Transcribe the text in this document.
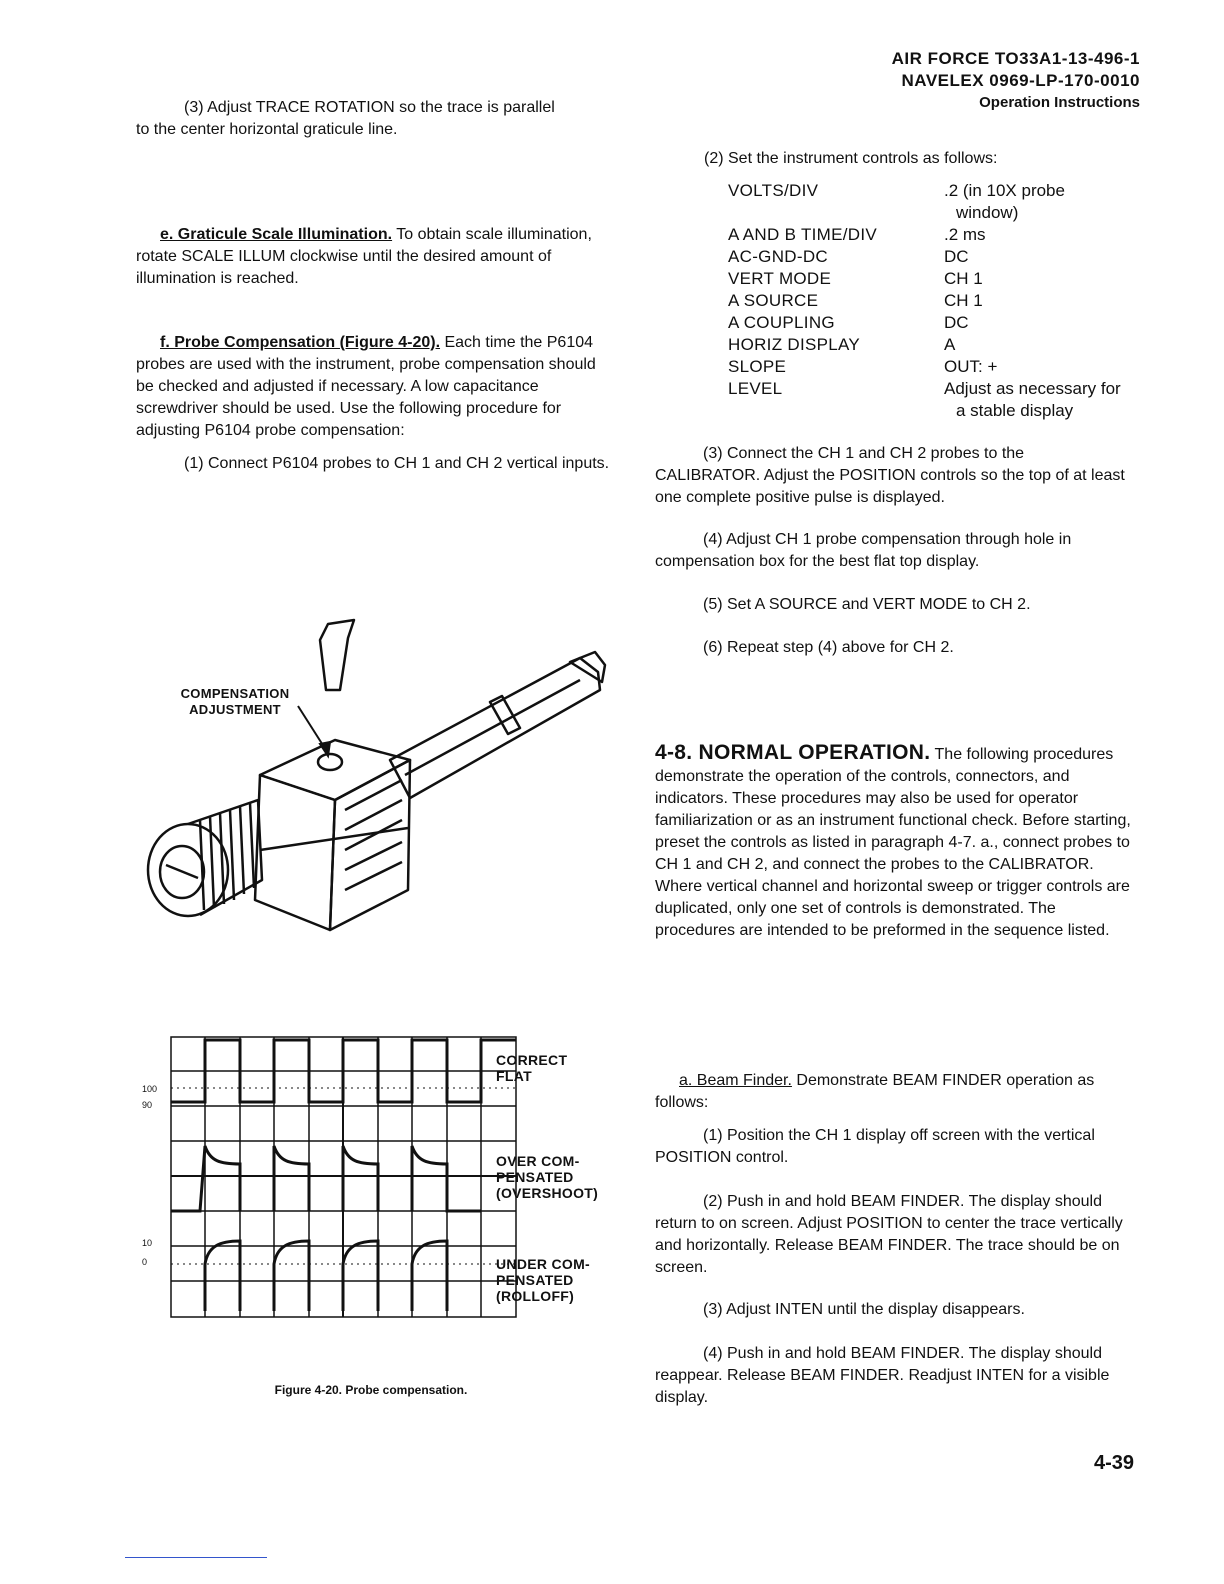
AIR FORCE TO33A1-13-496-1
NAVELEX 0969-LP-170-0010
Operation Instructions
(3) Adjust TRACE ROTATION so the trace is parallel to the center horizontal graticule line.
e. Graticule Scale Illumination. To obtain scale illumination, rotate SCALE ILLUM clockwise until the desired amount of illumination is reached.
f. Probe Compensation (Figure 4-20). Each time the P6104 probes are used with the instrument, probe compensation should be checked and adjusted if necessary. A low capacitance screwdriver should be used. Use the following procedure for adjusting P6104 probe compensation:
(1) Connect P6104 probes to CH 1 and CH 2 vertical inputs.
COMPENSATION
ADJUSTMENT
100
90
10
0
CORRECT
FLAT
OVER COM-
PENSATED
(OVERSHOOT)
UNDER COM-
PENSATED
(ROLLOFF)
Figure 4-20. Probe compensation.
(2) Set the instrument controls as follows:
VOLTS/DIV	.2 (in 10X probe
window)

A AND B TIME/DIV	.2 ms
AC-GND-DC	DC
VERT MODE	CH 1
A SOURCE	CH 1
A COUPLING	DC
HORIZ DISPLAY	A
SLOPE	OUT: +
LEVEL	Adjust as necessary for
a stable display
(3) Connect the CH 1 and CH 2 probes to the CALIBRATOR. Adjust the POSITION controls so the top of at least one complete positive pulse is displayed.
(4) Adjust CH 1 probe compensation through hole in compensation box for the best flat top display.
(5) Set A SOURCE and VERT MODE to CH 2.
(6) Repeat step (4) above for CH 2.
4-8. NORMAL OPERATION. The following procedures demonstrate the operation of the controls, connectors, and indicators. These procedures may also be used for operator familiarization or as an instrument functional check. Before starting, preset the controls as listed in paragraph 4-7. a., connect probes to CH 1 and CH 2, and connect the probes to the CALIBRATOR. Where vertical channel and horizontal sweep or trigger controls are duplicated, only one set of controls is demonstrated. The procedures are intended to be preformed in the sequence listed.
a. Beam Finder. Demonstrate BEAM FINDER operation as follows:
(1) Position the CH 1 display off screen with the vertical POSITION control.
(2) Push in and hold BEAM FINDER. The display should return to on screen. Adjust POSITION to center the trace vertically and horizontally. Release BEAM FINDER. The trace should be on screen.
(3) Adjust INTEN until the display disappears.
(4) Push in and hold BEAM FINDER. The display should reappear. Release BEAM FINDER. Readjust INTEN for a visible display.
4-39
